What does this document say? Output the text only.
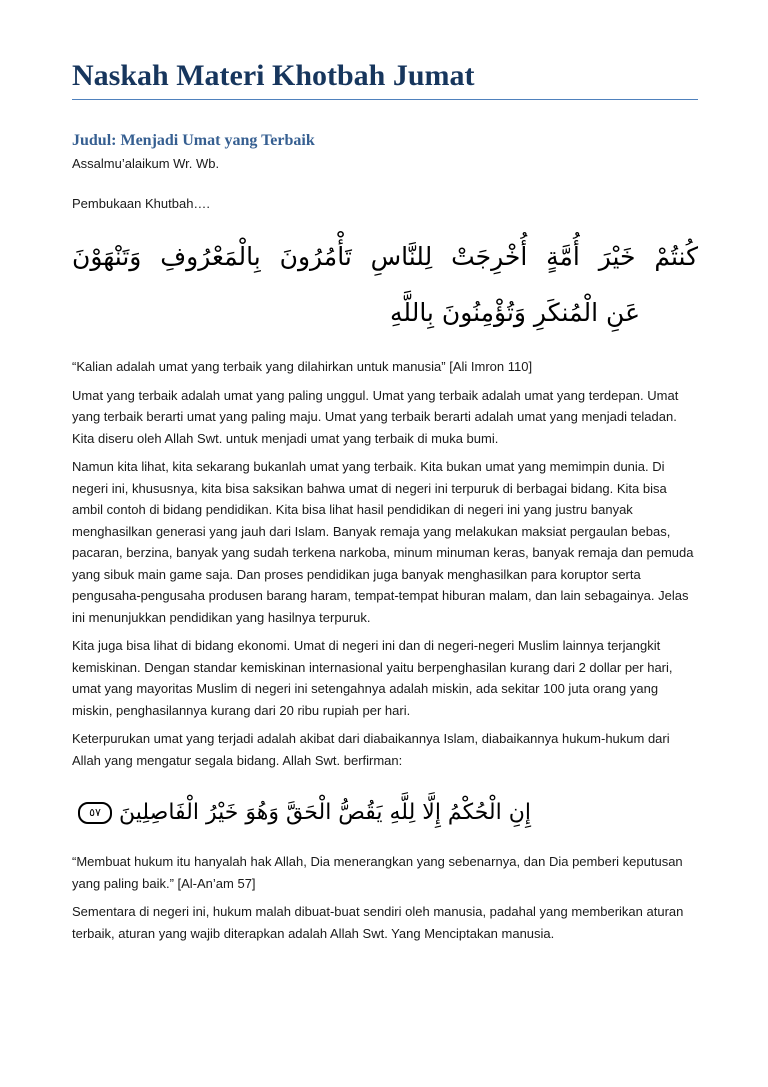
Naskah Materi Khotbah Jumat
Judul: Menjadi Umat yang Terbaik

Assalmu’alaikum Wr. Wb.

Pembukaan Khutbah….

كُنتُمْ خَيْرَ أُمَّةٍ أُخْرِجَتْ لِلنَّاسِ تَأْمُرُونَ بِالْمَعْرُوفِ وَتَنْهَوْنَ
عَنِ الْمُنكَرِ وَتُؤْمِنُونَ بِاللَّهِ

“Kalian adalah umat yang terbaik yang dilahirkan untuk manusia” [Ali Imron 110]

Umat yang terbaik adalah umat yang paling unggul. Umat yang terbaik adalah umat yang terdepan. Umat yang terbaik berarti umat yang paling maju. Umat yang terbaik berarti adalah umat yang menjadi teladan. Kita diseru oleh Allah Swt. untuk menjadi umat yang terbaik di muka bumi.

Namun kita lihat, kita sekarang bukanlah umat yang terbaik. Kita bukan umat yang memimpin dunia. Di negeri ini, khususnya, kita bisa saksikan bahwa umat di negeri ini terpuruk di berbagai bidang. Kita bisa ambil contoh di bidang pendidikan. Kita bisa lihat hasil pendidikan di negeri ini yang justru banyak menghasilkan generasi yang jauh dari Islam. Banyak remaja yang melakukan maksiat pergaulan bebas, pacaran, berzina, banyak yang sudah terkena narkoba, minum minuman keras, banyak remaja dan pemuda yang sibuk main game saja. Dan proses pendidikan juga banyak menghasilkan para koruptor serta pengusaha-pengusaha produsen barang haram, tempat-tempat hiburan malam, dan lain sebagainya. Jelas ini menunjukkan pendidikan yang hasilnya terpuruk.

Kita juga bisa lihat di bidang ekonomi. Umat di negeri ini dan di negeri-negeri Muslim lainnya terjangkit kemiskinan. Dengan standar kemiskinan internasional yaitu berpenghasilan kurang dari 2 dollar per hari, umat yang mayoritas Muslim di negeri ini setengahnya adalah miskin, ada sekitar 100 juta orang yang miskin, penghasilannya kurang dari 20 ribu rupiah per hari.

Keterpurukan umat yang terjadi adalah akibat dari diabaikannya Islam, diabaikannya hukum-hukum dari Allah yang mengatur segala bidang. Allah Swt. berfirman:

إِنِ الْحُكْمُ إِلَّا لِلَّهِ يَقُصُّ الْحَقَّ وَهُوَ خَيْرُ الْفَاصِلِينَ ٥٧

“Membuat hukum itu hanyalah hak Allah, Dia menerangkan yang sebenarnya, dan Dia pemberi keputusan yang paling baik.” [Al-An’am 57]

Sementara di negeri ini, hukum malah dibuat-buat sendiri oleh manusia, padahal yang memberikan aturan terbaik, aturan yang wajib diterapkan adalah Allah Swt. Yang Menciptakan manusia.
